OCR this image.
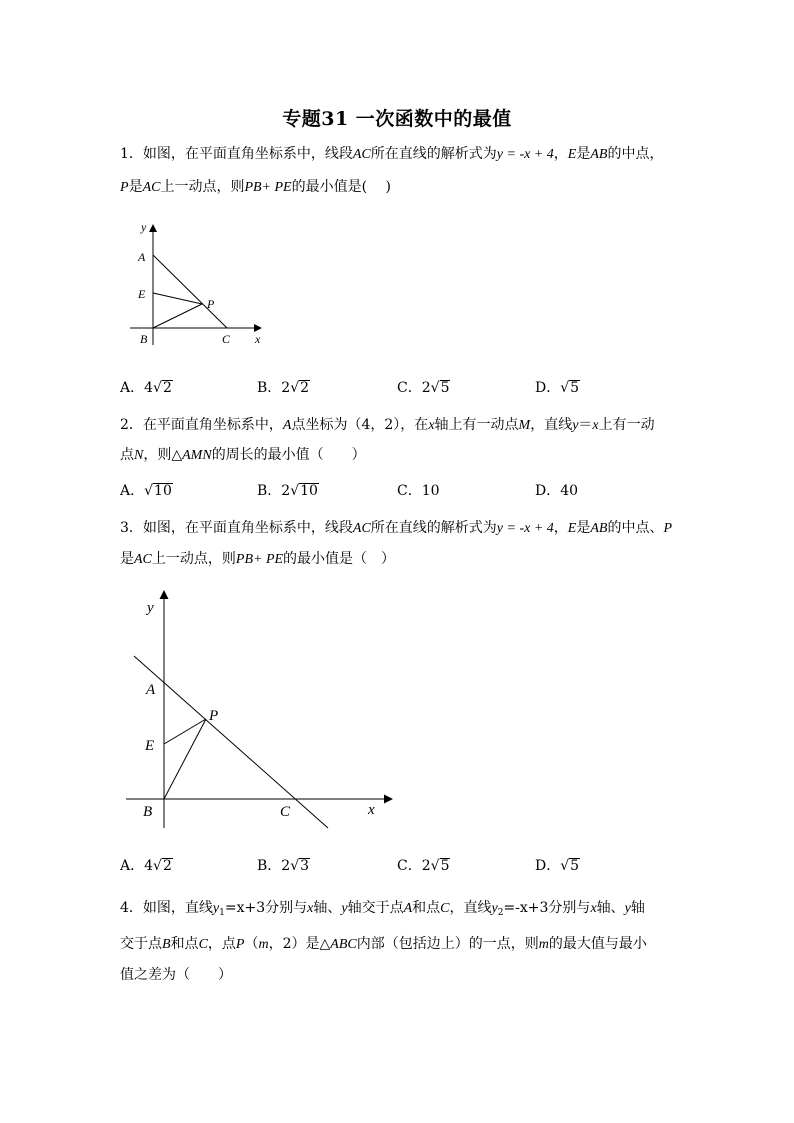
专题31 一次函数中的最值
1．如图，在平面直角坐标系中，线段AC所在直线的解析式为y = -x + 4，E是AB的中点，
P是AC上一动点，则PB+ PE的最小值是(　 )
y
A
E
P
B	C x
A．4√2	B．2√2	C．2√5	D．√5
2．在平面直角坐标系中，A点坐标为（4，2），在x轴上有一动点M，直线y＝x上有一动
点N，则△AMN的周长的最小值（　　）
A．√10	B．2√10	C．10	D．40
3．如图，在平面直角坐标系中，线段AC所在直线的解析式为y = -x + 4，E是AB的中点、P
是AC上一动点，则PB+ PE的最小值是（　）
y
A
E
P
B	C	x
A．4√2	B．2√3	C．2√5	D．√5
4．如图，直线$y_1=x+3$分别与x轴、y轴交于点A和点C，直线$y_2=-x+3$分别与x轴、y轴
交于点B和点C，点P（m，2）是△ABC内部（包括边上）的一点，则m的最大值与最小
值之差为（　　）
